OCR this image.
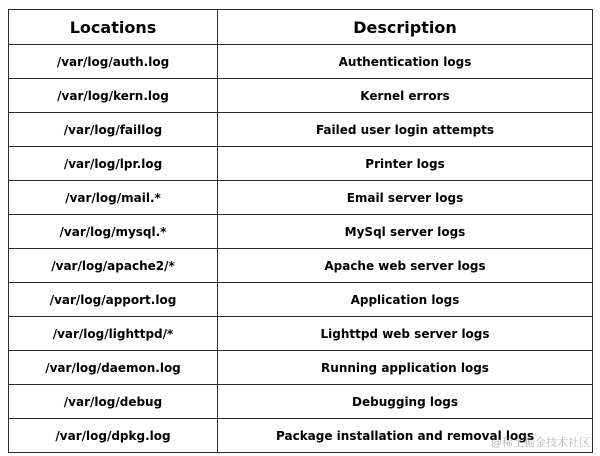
Locations	Description
/var/log/auth.log	Authentication logs
/var/log/kern.log	Kernel errors
/var/log/faillog	Failed user login attempts
/var/log/lpr.log	Printer logs
/var/log/mail.*	Email server logs
/var/log/mysql.*	MySql server logs
/var/log/apache2/*	Apache web server logs
/var/log/apport.log	Application logs
/var/log/lighttpd/*	Lighttpd web server logs
/var/log/daemon.log	Running application logs
/var/log/debug	Debugging logs
/var/log/dpkg.log	Package installation and removal logs
@稀土掘金技术社区
